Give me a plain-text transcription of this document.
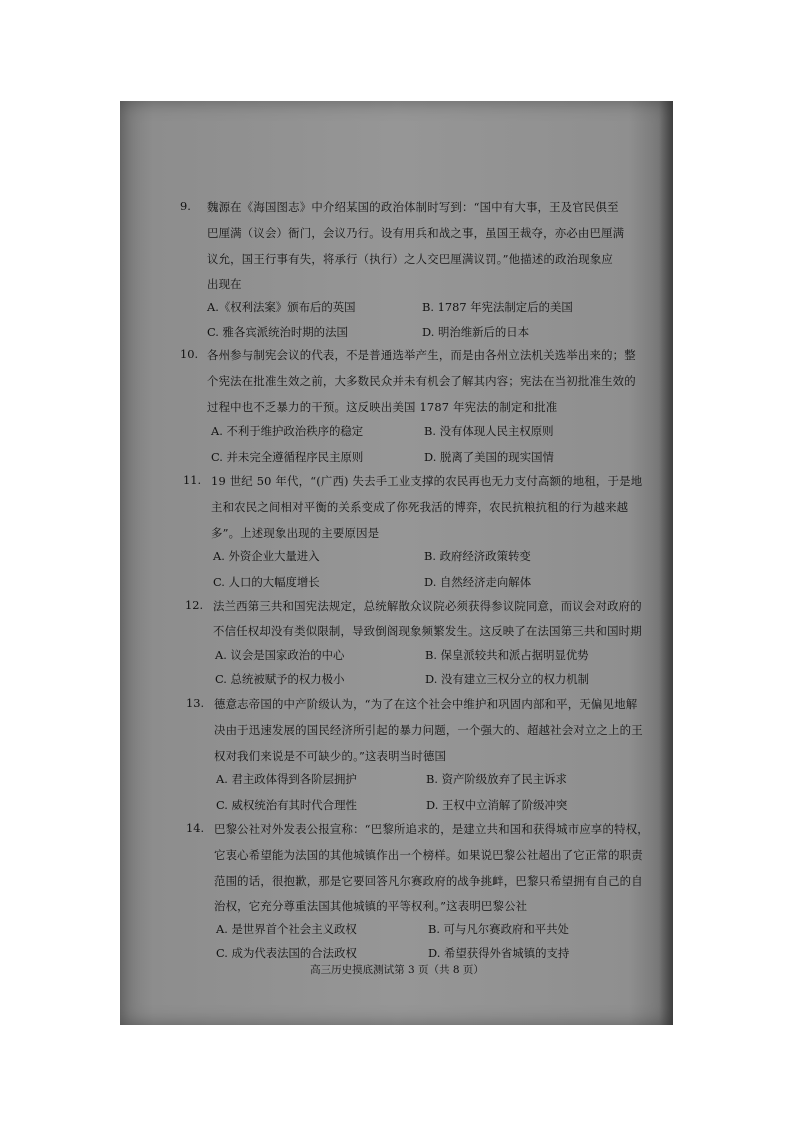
9. 魏源在《海国图志》中介绍某国的政治体制时写到：“国中有大事，王及官民俱至
巴厘满（议会）衙门，会议乃行。设有用兵和战之事，虽国王裁夺，亦必由巴厘满
议允，国王行事有失，将承行（执行）之人交巴厘满议罚。”他描述的政治现象应
出现在
A.《权利法案》颁布后的英国	B. 1787 年宪法制定后的美国
C. 雅各宾派统治时期的法国	D. 明治维新后的日本
10. 各州参与制宪会议的代表，不是普通选举产生，而是由各州立法机关选举出来的；整
个宪法在批准生效之前，大多数民众并未有机会了解其内容；宪法在当初批准生效的
过程中也不乏暴力的干预。这反映出美国 1787 年宪法的制定和批准
A. 不利于维护政治秩序的稳定	B. 没有体现人民主权原则
C. 并未完全遵循程序民主原则	D. 脱离了美国的现实国情
11. 19 世纪 50 年代，“(广西) 失去手工业支撑的农民再也无力支付高额的地租，于是地
主和农民之间相对平衡的关系变成了你死我活的博弈，农民抗粮抗租的行为越来越
多”。上述现象出现的主要原因是
A. 外资企业大量进入	B. 政府经济政策转变
C. 人口的大幅度增长	D. 自然经济走向解体
12. 法兰西第三共和国宪法规定，总统解散众议院必须获得参议院同意，而议会对政府的
不信任权却没有类似限制，导致倒阁现象频繁发生。这反映了在法国第三共和国时期
A. 议会是国家政治的中心	B. 保皇派较共和派占据明显优势
C. 总统被赋予的权力极小	D. 没有建立三权分立的权力机制
13. 德意志帝国的中产阶级认为，“为了在这个社会中维护和巩固内部和平，无偏见地解
决由于迅速发展的国民经济所引起的暴力问题，一个强大的、超越社会对立之上的王
权对我们来说是不可缺少的。”这表明当时德国
A. 君主政体得到各阶层拥护	B. 资产阶级放弃了民主诉求
C. 威权统治有其时代合理性	D. 王权中立消解了阶级冲突
14. 巴黎公社对外发表公报宣称：“巴黎所追求的，是建立共和国和获得城市应享的特权，
它衷心希望能为法国的其他城镇作出一个榜样。如果说巴黎公社超出了它正常的职责
范围的话，很抱歉，那是它要回答凡尔赛政府的战争挑衅，巴黎只希望拥有自己的自
治权，它充分尊重法国其他城镇的平等权利。”这表明巴黎公社
A. 是世界首个社会主义政权	B. 可与凡尔赛政府和平共处
C. 成为代表法国的合法政权	D. 希望获得外省城镇的支持
高三历史摸底测试第 3 页（共 8 页）
